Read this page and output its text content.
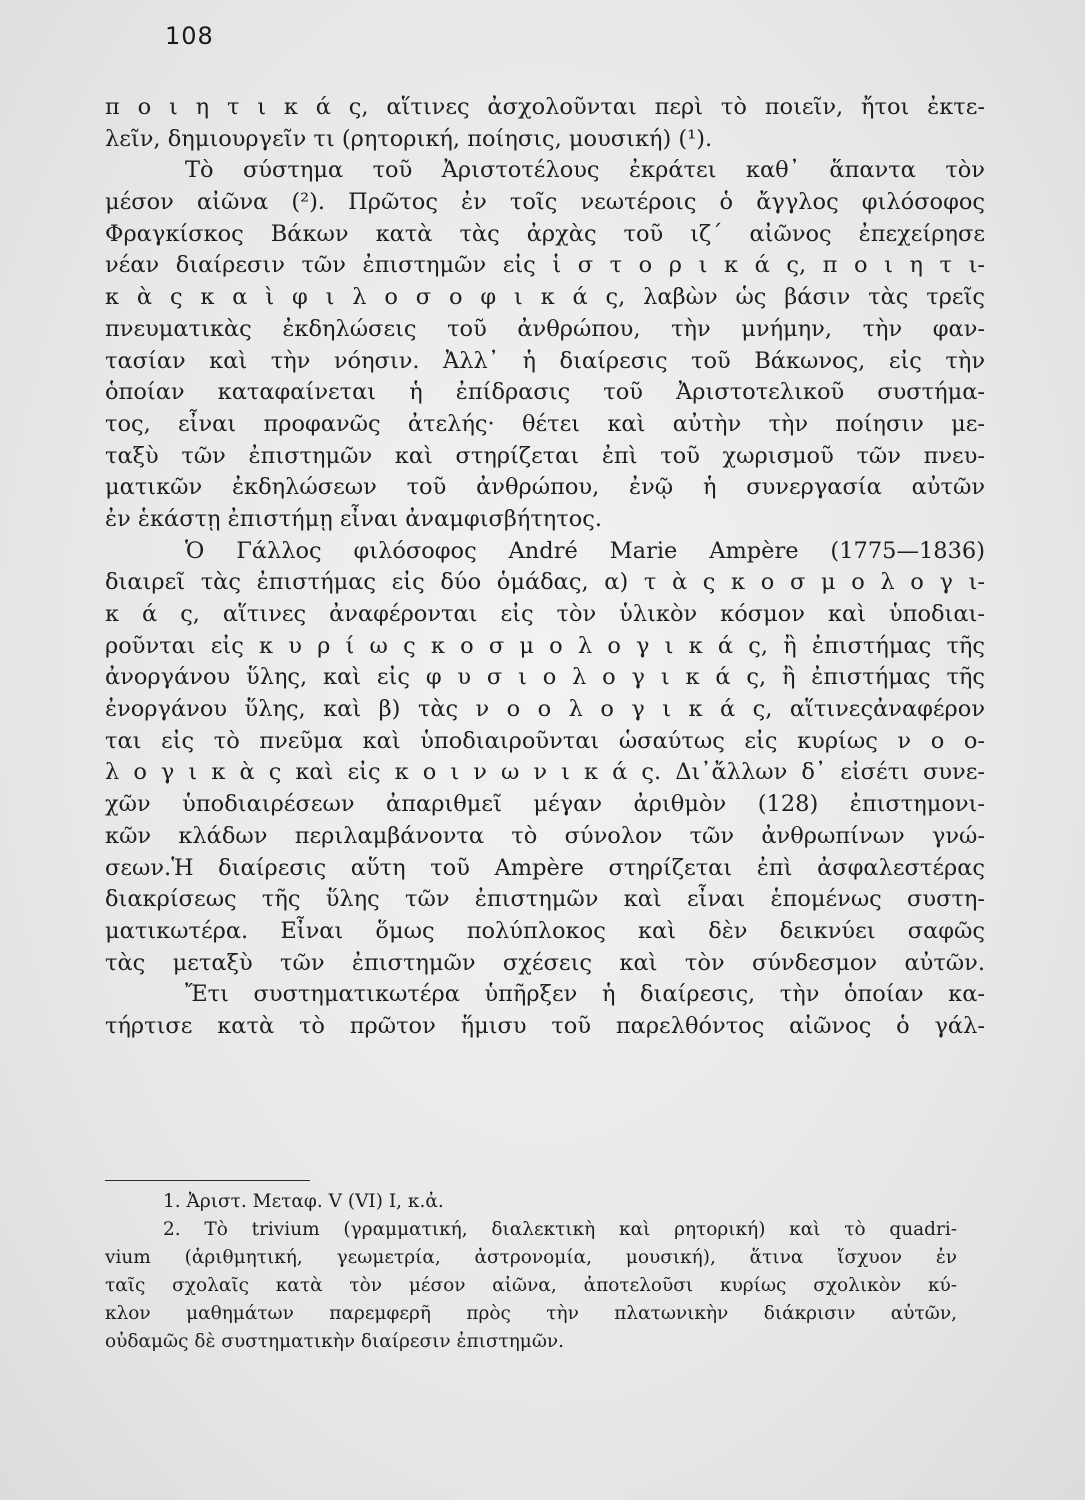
108
π ο ι η τ ι κ ά ς, αἵτινες ἀσχολοῦνται περὶ τὸ ποιεῖν, ἤτοι ἐκτε-
λεῖν, δημιουργεῖν τι (ρητορική, ποίησις, μουσική) (¹).
Τὸ σύστημα τοῦ Ἀριστοτέλους ἐκράτει καθ᾽ ἅπαντα τὸν
μέσον αἰῶνα (²). Πρῶτος ἐν τοῖς νεωτέροις ὁ ἄγγλος φιλόσοφος
Φραγκίσκος Βάκων κατὰ τὰς ἀρχὰς τοῦ ιζ΄ αἰῶνος ἐπεχείρησε
νέαν διαίρεσιν τῶν ἐπιστημῶν εἰς ἱ σ τ ο ρ ι κ ά ς, π ο ι η τ ι-
κ ὰ ς κ α ὶ φ ι λ ο σ ο φ ι κ ά ς, λαβὼν ὡς βάσιν τὰς τρεῖς
πνευματικὰς ἐκδηλώσεις τοῦ ἀνθρώπου, τὴν μνήμην, τὴν φαν-
τασίαν καὶ τὴν νόησιν. Ἀλλ᾽ ἡ διαίρεσις τοῦ Βάκωνος, εἰς τὴν
ὁποίαν καταφαίνεται ἡ ἐπίδρασις τοῦ Ἀριστοτελικοῦ συστήμα-
τος, εἶναι προφανῶς ἀτελής· θέτει καὶ αὐτὴν τὴν ποίησιν με-
ταξὺ τῶν ἐπιστημῶν καὶ στηρίζεται ἐπὶ τοῦ χωρισμοῦ τῶν πνευ-
ματικῶν ἐκδηλώσεων τοῦ ἀνθρώπου, ἐνῷ ἡ συνεργασία αὐτῶν
ἐν ἑκάστῃ ἐπιστήμῃ εἶναι ἀναμφισβήτητος.
Ὁ Γάλλος φιλόσοφος André Marie Ampère (1775—1836)
διαιρεῖ τὰς ἐπιστήμας εἰς δύο ὁμάδας, α) τ ὰ ς κ ο σ μ ο λ ο γ ι-
κ ά ς, αἵτινες ἀναφέρονται εἰς τὸν ὑλικὸν κόσμον καὶ ὑποδιαι-
ροῦνται εἰς κ υ ρ ί ω ς κ ο σ μ ο λ ο γ ι κ ά ς, ἢ ἐπιστήμας τῆς
ἀνοργάνου ὕλης, καὶ εἰς φ υ σ ι ο λ ο γ ι κ ά ς, ἢ ἐπιστήμας τῆς
ἐνοργάνου ὕλης, καὶ β) τὰς ν ο ο λ ο γ ι κ ά ς, αἵτινεςἀναφέρον
ται εἰς τὸ πνεῦμα καὶ ὑποδιαιροῦνται ὡσαύτως εἰς κυρίως ν ο ο-
λ ο γ ι κ ὰ ς καὶ εἰς κ ο ι ν ω ν ι κ ά ς. Δι᾽ἄλλων δ᾽ εἰσέτι συνε-
χῶν ὑποδιαιρέσεων ἀπαριθμεῖ μέγαν ἀριθμὸν (128) ἐπιστημονι-
κῶν κλάδων περιλαμβάνοντα τὸ σύνολον τῶν ἀνθρωπίνων γνώ-
σεων.Ἡ διαίρεσις αὕτη τοῦ Ampère στηρίζεται ἐπὶ ἀσφαλεστέρας
διακρίσεως τῆς ὕλης τῶν ἐπιστημῶν καὶ εἶναι ἑπομένως συστη-
ματικωτέρα. Εἶναι ὅμως πολύπλοκος καὶ δὲν δεικνύει σαφῶς
τὰς μεταξὺ τῶν ἐπιστημῶν σχέσεις καὶ τὸν σύνδεσμον αὐτῶν.
Ἔτι συστηματικωτέρα ὑπῆρξεν ἡ διαίρεσις, τὴν ὁποίαν κα-
τήρτισε κατὰ τὸ πρῶτον ἥμισυ τοῦ παρελθόντος αἰῶνος ὁ γάλ-
1. Ἀριστ. Μεταφ. V (VI) I, κ.ἀ.
2. Τὸ trivium (γραμματική, διαλεκτικὴ καὶ ρητορική) καὶ τὸ quadri-
vium (ἀριθμητική, γεωμετρία, ἀστρονομία, μουσική), ἅτινα ἴσχυον ἐν
ταῖς σχολαῖς κατὰ τὸν μέσον αἰῶνα, ἀποτελοῦσι κυρίως σχολικὸν κύ-
κλον μαθημάτων παρεμφερῆ πρὸς τὴν πλατωνικὴν διάκρισιν αὐτῶν,
οὐδαμῶς δὲ συστηματικὴν διαίρεσιν ἐπιστημῶν.
